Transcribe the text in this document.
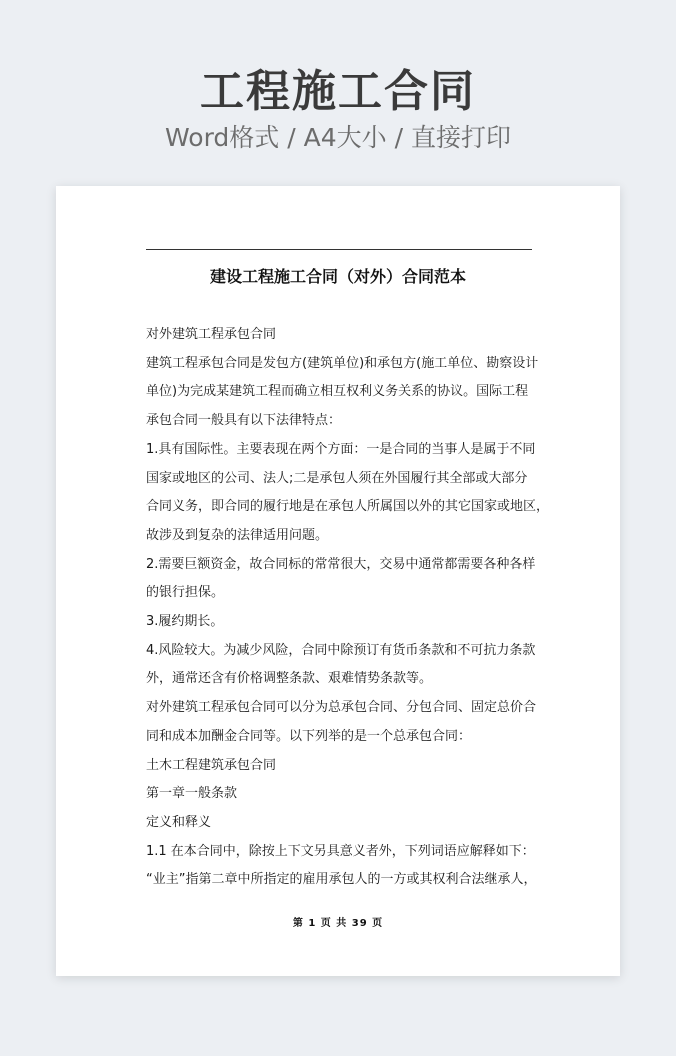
工程施工合同
Word格式 / A4大小 / 直接打印
建设工程施工合同（对外）合同范本

对外建筑工程承包合同

建筑工程承包合同是发包方(建筑单位)和承包方(施工单位、勘察设计

单位)为完成某建筑工程而确立相互权利义务关系的协议。国际工程

承包合同一般具有以下法律特点：

1.具有国际性。主要表现在两个方面：一是合同的当事人是属于不同

国家或地区的公司、法人;二是承包人须在外国履行其全部或大部分

合同义务，即合同的履行地是在承包人所属国以外的其它国家或地区，

故涉及到复杂的法律适用问题。

2.需要巨额资金，故合同标的常常很大，交易中通常都需要各种各样

的银行担保。

3.履约期长。

4.风险较大。为减少风险，合同中除预订有货币条款和不可抗力条款

外，通常还含有价格调整条款、艰难情势条款等。

对外建筑工程承包合同可以分为总承包合同、分包合同、固定总价合

同和成本加酬金合同等。以下列举的是一个总承包合同：

土木工程建筑承包合同

第一章一般条款

定义和释义

1.1 在本合同中，除按上下文另具意义者外，下列词语应解释如下：

“业主”指第二章中所指定的雇用承包人的一方或其权利合法继承人，

第 1 页 共 39 页
